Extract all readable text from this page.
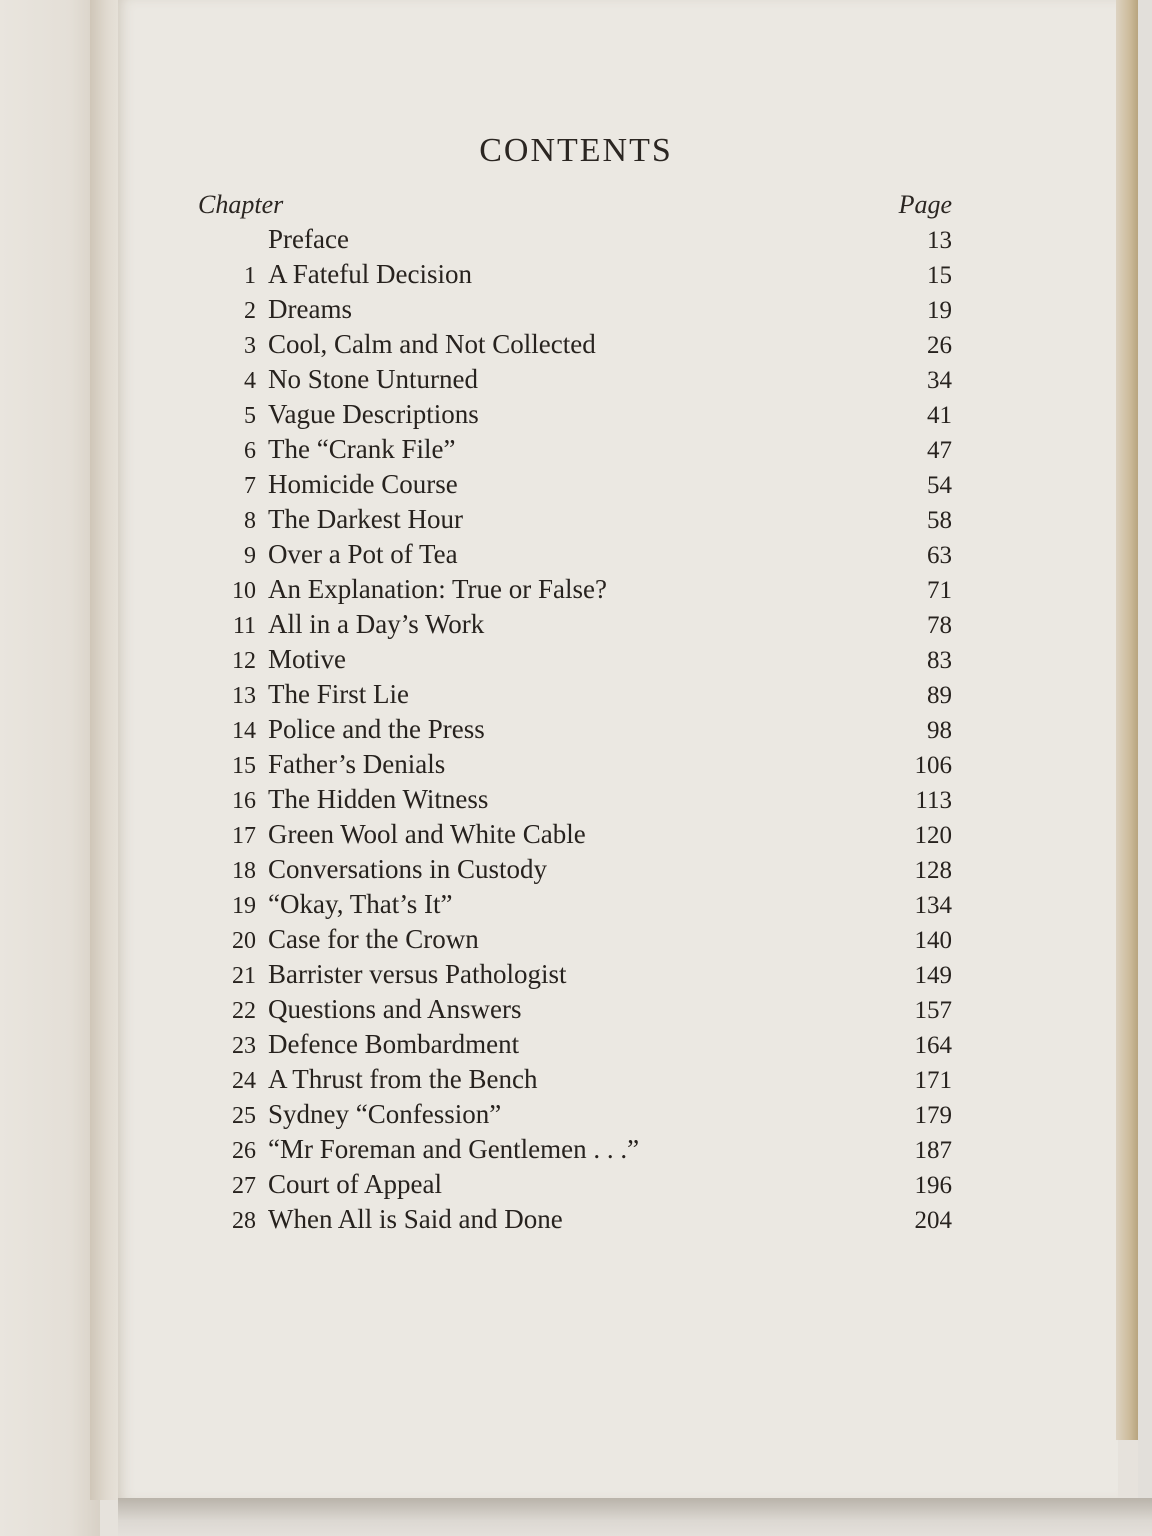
CONTENTS
Chapter	Page
Preface	13
1 A Fateful Decision	15
2 Dreams	19
3 Cool, Calm and Not Collected	26
4 No Stone Unturned	34
5 Vague Descriptions	41
6 The “Crank File”	47
7 Homicide Course	54
8 The Darkest Hour	58
9 Over a Pot of Tea	63
10 An Explanation: True or False?	71
11 All in a Day’s Work	78
12 Motive	83
13 The First Lie	89
14 Police and the Press	98
15 Father’s Denials	106
16 The Hidden Witness	113
17 Green Wool and White Cable	120
18 Conversations in Custody	128
19 “Okay, That’s It”	134
20 Case for the Crown	140
21 Barrister versus Pathologist	149
22 Questions and Answers	157
23 Defence Bombardment	164
24 A Thrust from the Bench	171
25 Sydney “Confession”	179
26 “Mr Foreman and Gentlemen . . .”	187
27 Court of Appeal	196
28 When All is Said and Done	204
